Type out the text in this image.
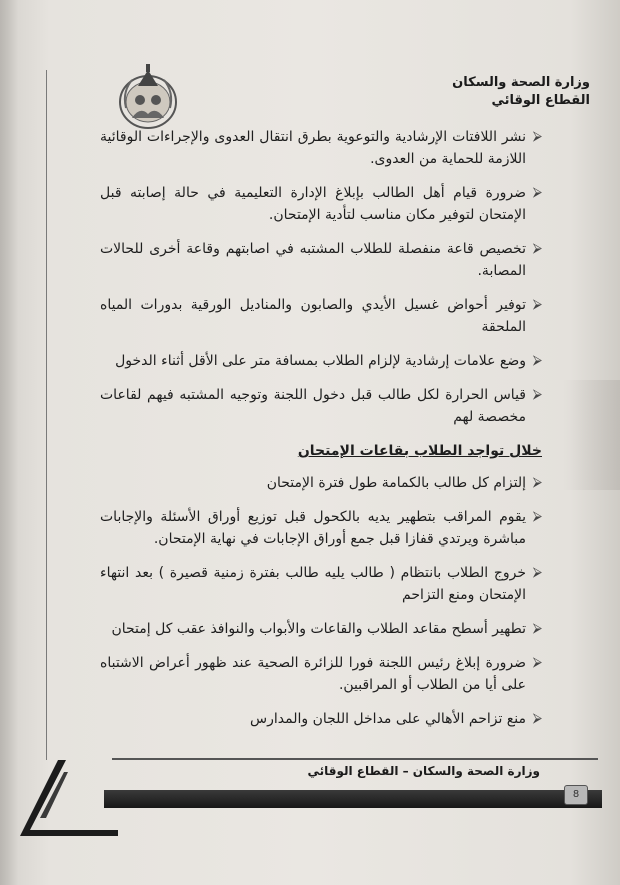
وزارة الصحة والسكان
القطاع الوقائي
⮚
نشر اللافتات الإرشادية والتوعوية بطرق انتقال العدوى والإجراءات الوقائية اللازمة للحماية من العدوى.
⮚
ضرورة قيام أهل الطالب بإبلاغ الإدارة التعليمية في حالة إصابته قبل الإمتحان لتوفير مكان مناسب لتأدية الإمتحان.
⮚
تخصيص قاعة منفصلة للطلاب المشتبه في اصابتهم وقاعة أخرى للحالات المصابة.
⮚
توفير أحواض غسيل الأيدي والصابون والمناديل الورقية بدورات المياه الملحقة
⮚
وضع علامات إرشادية لإلزام الطلاب بمسافة متر على الأقل أثناء الدخول
⮚
قياس الحرارة لكل طالب قبل دخول اللجنة وتوجيه المشتبه فيهم لقاعات مخصصة لهم
خلال تواجد الطلاب بقاعات الإمتحان
⮚
إلتزام كل طالب بالكمامة طول فترة الإمتحان
⮚
يقوم المراقب بتطهير يديه بالكحول قبل توزيع أوراق الأسئلة والإجابات مباشرة ويرتدي قفازا قبل جمع أوراق الإجابات في نهاية الإمتحان.
⮚
خروج الطلاب بانتظام ( طالب يليه طالب بفترة زمنية قصيرة ) بعد انتهاء الإمتحان ومنع التزاحم
⮚
تطهير أسطح مقاعد الطلاب والقاعات والأبواب والنوافذ عقب كل إمتحان
⮚
ضرورة إبلاغ رئيس اللجنة فورا للزائرة الصحية عند ظهور أعراض الاشتباه على أيا من الطلاب أو المراقبين.
⮚
منع تزاحم الأهالي على مداخل اللجان والمدارس
وزارة الصحة والسكان – القطاع الوقائي
8
